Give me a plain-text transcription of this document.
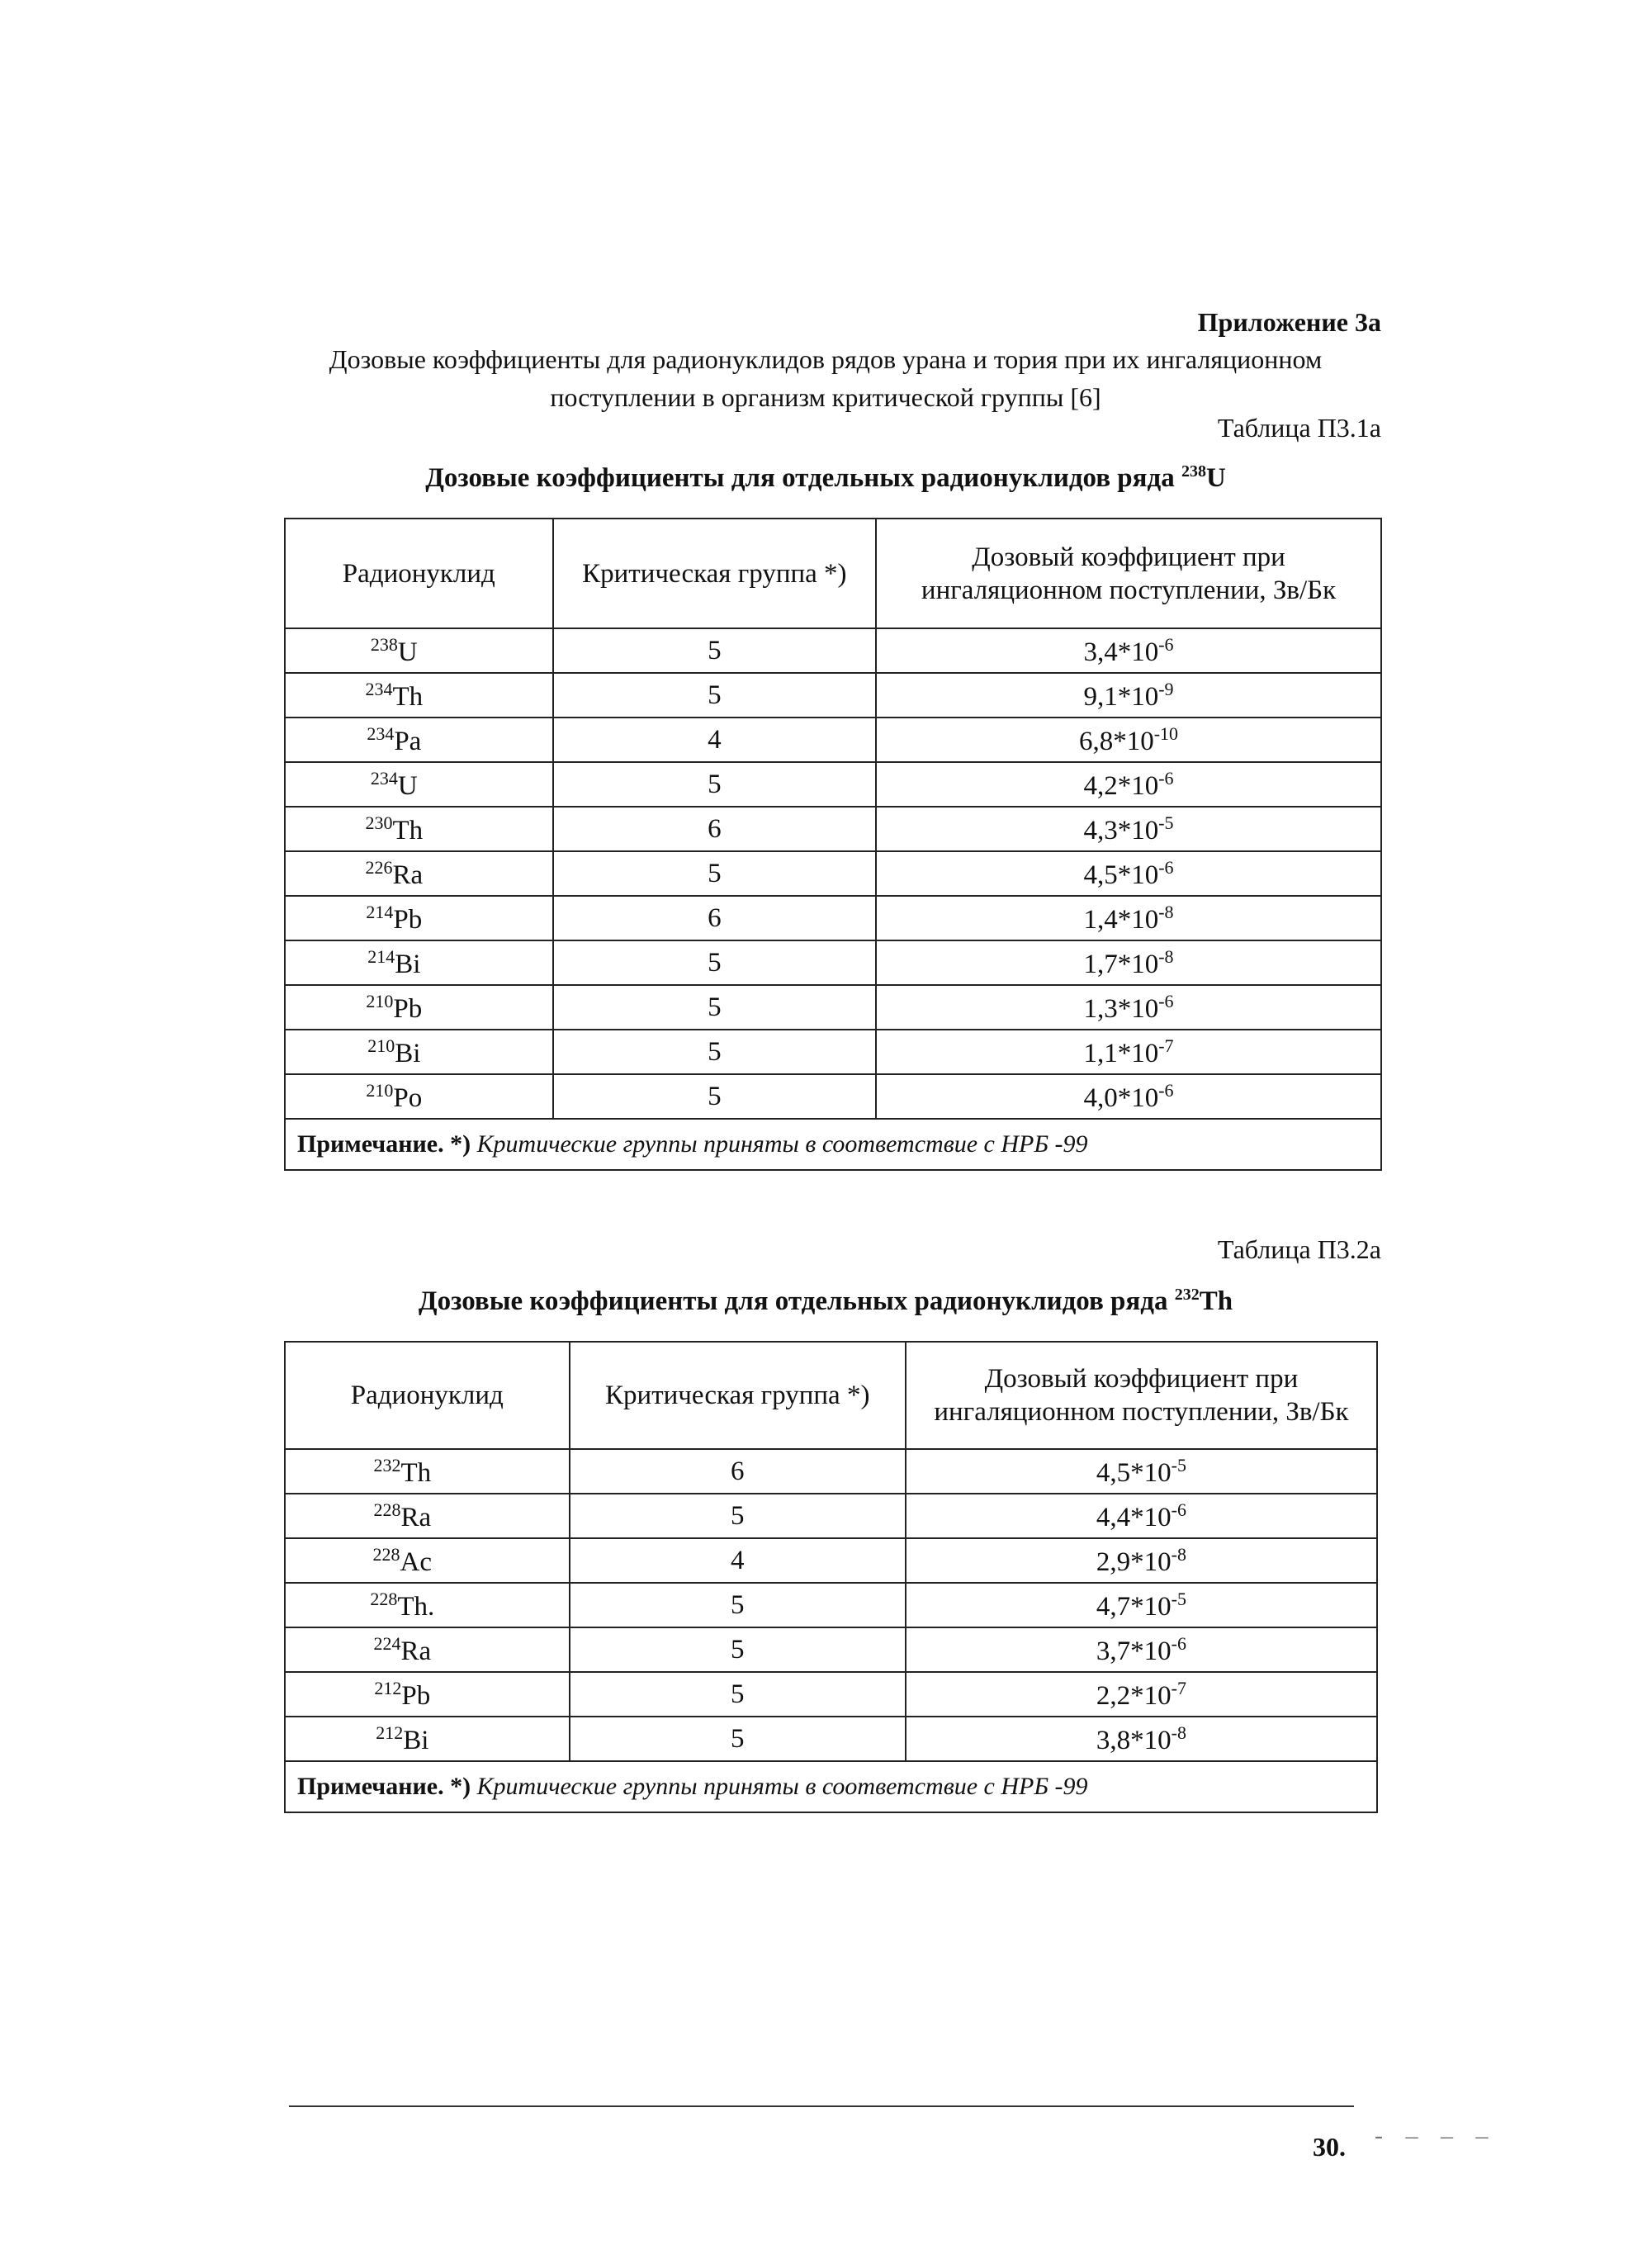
Приложение 3а
Дозовые коэффициенты для радионуклидов рядов урана и тория при их ингаляционном
поступлении в организм критической группы [6]
Таблица П3.1а
Дозовые коэффициенты для отдельных радионуклидов ряда $^{238}$U
Радионуклид	Критическая группа *)	Дозовый коэффициент при
ингаляционном поступлении, Зв/Бк

$^{238}$U	5	$3,4*10^{-6}$
$^{234}$Th	5	$9,1*10^{-9}$
$^{234}$Pa	4	$6,8*10^{-10}$
$^{234}$U	5	$4,2*10^{-6}$
$^{230}$Th	6	$4,3*10^{-5}$
$^{226}$Ra	5	$4,5*10^{-6}$
$^{214}$Pb	6	$1,4*10^{-8}$
$^{214}$Bi	5	$1,7*10^{-8}$
$^{210}$Pb	5	$1,3*10^{-6}$
$^{210}$Bi	5	$1,1*10^{-7}$
$^{210}$Po	5	$4,0*10^{-6}$
Примечание. *) Критические группы приняты в соответствие с НРБ -99		
Таблица П3.2а
Дозовые коэффициенты для отдельных радионуклидов ряда $^{232}$Th
Радионуклид	Критическая группа *)	Дозовый коэффициент при
ингаляционном поступлении, Зв/Бк

$^{232}$Th	6	$4,5*10^{-5}$
$^{228}$Ra	5	$4,4*10^{-6}$
$^{228}$Ac	4	$2,9*10^{-8}$
$^{228}$Th.	5	$4,7*10^{-5}$
$^{224}$Ra	5	$3,7*10^{-6}$
$^{212}$Pb	5	$2,2*10^{-7}$
$^{212}$Bi	5	$3,8*10^{-8}$
Примечание. *) Критические группы приняты в соответствие с НРБ -99		
30. - ‒ ‒ ‒
